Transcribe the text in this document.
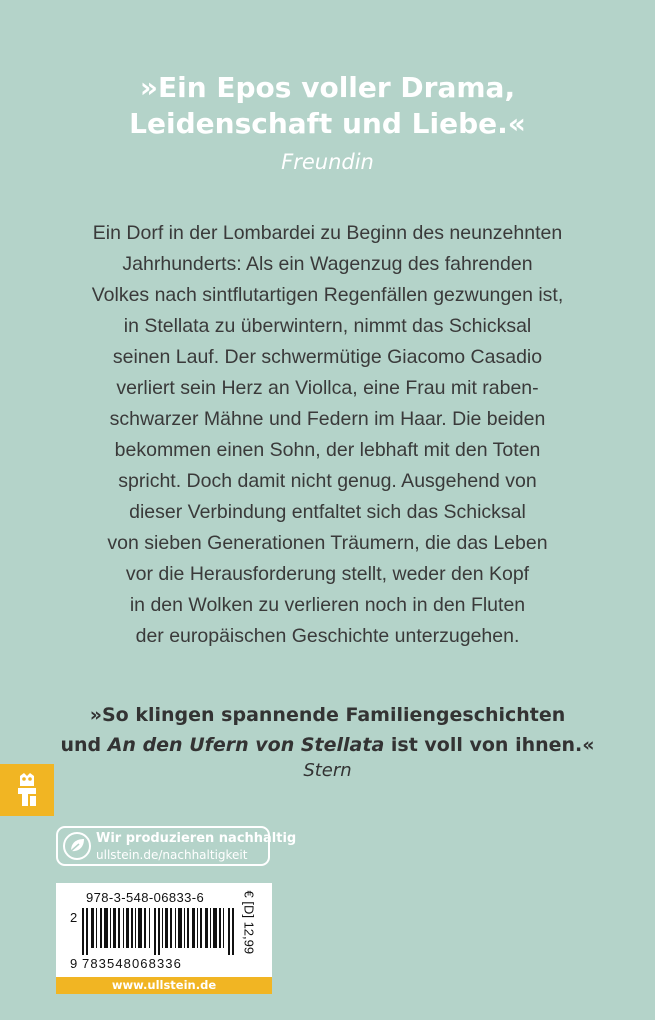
»Ein Epos voller Drama,
Leidenschaft und Liebe.«
Freundin
Ein Dorf in der Lombardei zu Beginn des neunzehnten
Jahrhunderts: Als ein Wagenzug des fahrenden
Volkes nach sintflutartigen Regenfällen gezwungen ist,
in Stellata zu überwintern, nimmt das Schicksal
seinen Lauf. Der schwermütige Giacomo Casadio
verliert sein Herz an Viollca, eine Frau mit raben-
schwarzer Mähne und Federn im Haar. Die beiden
bekommen einen Sohn, der lebhaft mit den Toten
spricht. Doch damit nicht genug. Ausgehend von
dieser Verbindung entfaltet sich das Schicksal
von sieben Generationen Träumern, die das Leben
vor die Herausforderung stellt, weder den Kopf
in den Wolken zu verlieren noch in den Fluten
der europäischen Geschichte unterzugehen.
»So klingen spannende Familiengeschichten
und An den Ufern von Stellata ist voll von ihnen.«
Stern
Wir produzieren nachhaltig
ullstein.de/nachhaltigkeit
978-3-548-06833-6
2
9 783548068336
€ [D] 12,99
www.ullstein.de
